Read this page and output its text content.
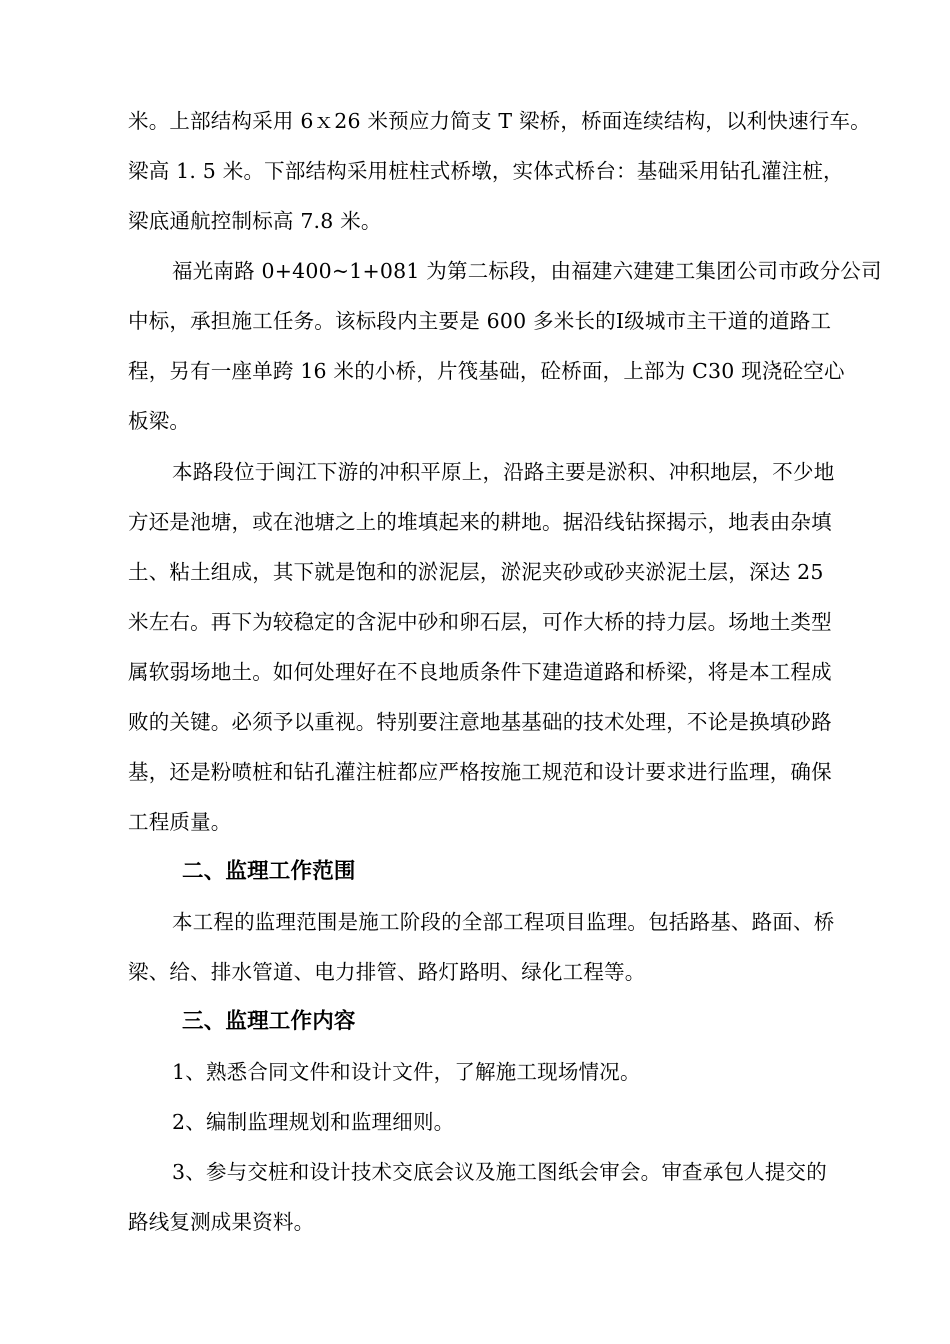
米。上部结构采用 6ｘ26 米预应力简支 T 梁桥，桥面连续结构，以利快速行车。
梁高 1. 5 米。下部结构采用桩柱式桥墩，实体式桥台：基础采用钻孔灌注桩，
梁底通航控制标高 7.8 米。
福光南路 0+400~1+081 为第二标段，由福建六建建工集团公司市政分公司
中标，承担施工任务。该标段内主要是 600 多米长的Ⅰ级城市主干道的道路工
程，另有一座单跨 16 米的小桥，片筏基础，砼桥面，上部为 C30 现浇砼空心
板梁。
本路段位于闽江下游的冲积平原上，沿路主要是淤积、冲积地层，不少地
方还是池塘，或在池塘之上的堆填起来的耕地。据沿线钻探揭示，地表由杂填
土、粘土组成，其下就是饱和的淤泥层，淤泥夹砂或砂夹淤泥土层，深达 25
米左右。再下为较稳定的含泥中砂和卵石层，可作大桥的持力层。场地土类型
属软弱场地土。如何处理好在不良地质条件下建造道路和桥梁，将是本工程成
败的关键。必须予以重视。特别要注意地基基础的技术处理，不论是换填砂路
基，还是粉喷桩和钻孔灌注桩都应严格按施工规范和设计要求进行监理，确保
工程质量。
二、监理工作范围
本工程的监理范围是施工阶段的全部工程项目监理。包括路基、路面、桥
梁、给、排水管道、电力排管、路灯路明、绿化工程等。
三、监理工作内容
1、熟悉合同文件和设计文件，了解施工现场情况。
2、编制监理规划和监理细则。
3、参与交桩和设计技术交底会议及施工图纸会审会。审查承包人提交的
路线复测成果资料。
